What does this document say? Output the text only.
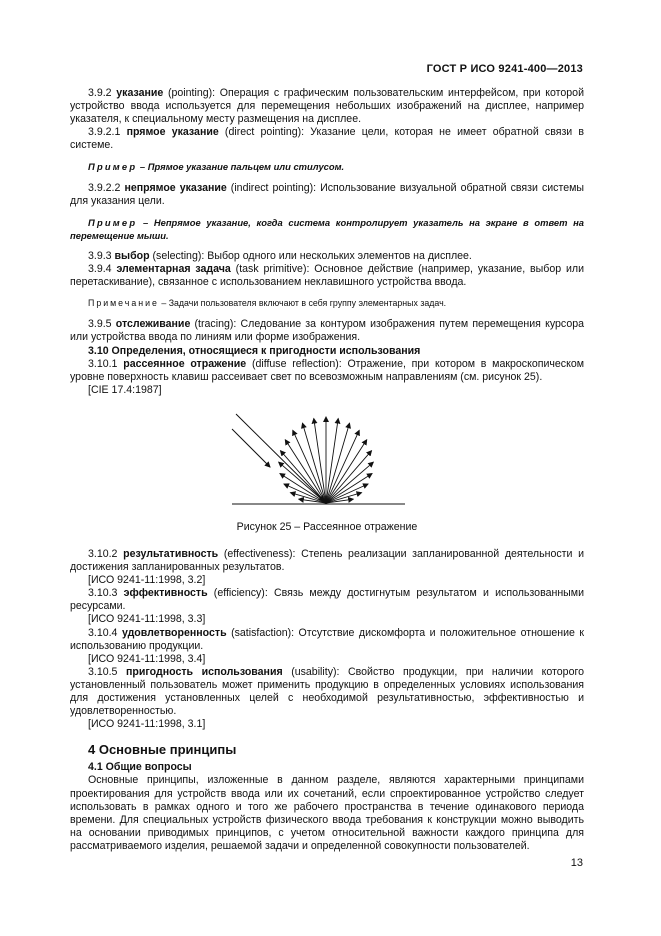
ГОСТ Р ИСО 9241-400—2013

3.9.2 указание (pointing): Операция с графическим пользовательским интерфейсом, при которой устройство ввода используется для перемещения небольших изображений на дисплее, например указателя, к специальному месту размещения на дисплее.

3.9.2.1 прямое указание (direct pointing): Указание цели, которая не имеет обратной связи в системе.

Пример – Прямое указание пальцем или стилусом.

3.9.2.2 непрямое указание (indirect pointing): Использование визуальной обратной связи системы для указания цели.

Пример – Непрямое указание, когда система контролирует указатель на экране в ответ на перемещение мыши.

3.9.3 выбор (selecting): Выбор одного или нескольких элементов на дисплее.

3.9.4 элементарная задача (task primitive): Основное действие (например, указание, выбор или перетаскивание), связанное с использованием неклавишного устройства ввода.

Примечание – Задачи пользователя включают в себя группу элементарных задач.

3.9.5 отслеживание (tracing): Следование за контуром изображения путем перемещения курсора или устройства ввода по линиям или форме изображения.

3.10 Определения, относящиеся к пригодности использования

3.10.1 рассеянное отражение (diffuse reflection): Отражение, при котором в макроскопическом уровне поверхность клавиш рассеивает свет по всевозможным направлениям (см. рисунок 25).

[CIE 17.4:1987]

Рисунок 25 – Рассеянное отражение

3.10.2 результативность (effectiveness): Степень реализации запланированной деятельности и достижения запланированных результатов.

[ИСО 9241-11:1998, 3.2]

3.10.3 эффективность (efficiency): Связь между достигнутым результатом и использованными ресурсами.

[ИСО 9241-11:1998, 3.3]

3.10.4 удовлетворенность (satisfaction): Отсутствие дискомфорта и положительное отношение к использованию продукции.

[ИСО 9241-11:1998, 3.4]

3.10.5 пригодность использования (usability): Свойство продукции, при наличии которого установленный пользователь может применить продукцию в определенных условиях использования для достижения установленных целей с необходимой результативностью, эффективностью и удовлетворенностью.

[ИСО 9241-11:1998, 3.1]

4 Основные принципы
4.1 Общие вопросы

Основные принципы, изложенные в данном разделе, являются характерными принципами проектирования для устройств ввода или их сочетаний, если спроектированное устройство следует использовать в рамках одного и того же рабочего пространства в течение одинакового периода времени. Для специальных устройств физического ввода требования к конструкции можно выводить на основании приводимых принципов, с учетом относительной важности каждого принципа для рассматриваемого изделия, решаемой задачи и определенной совокупности пользователей.

13
